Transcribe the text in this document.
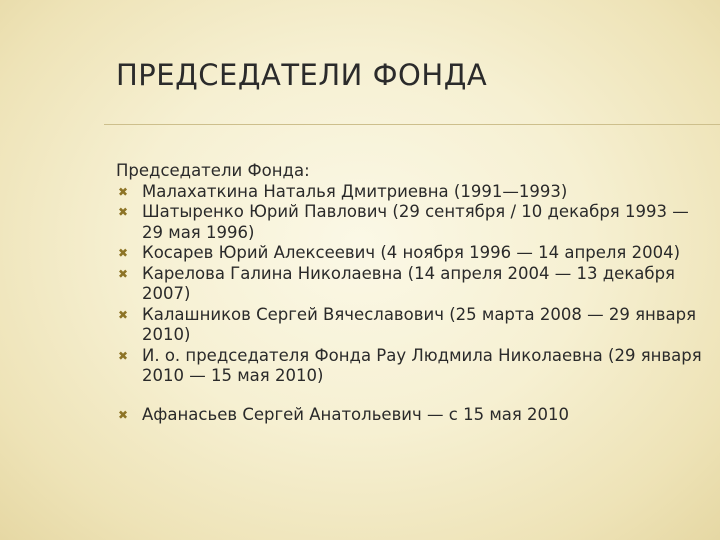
ПРЕДСЕДАТЕЛИ ФОНДА

Председатели Фонда:

✖ Малахаткина Наталья Дмитриевна (1991—1993)
✖ Шатыренко Юрий Павлович (29 сентября / 10 декабря 1993 — 29 мая 1996)
✖ Косарев Юрий Алексеевич (4 ноября 1996 — 14 апреля 2004)
✖ Карелова Галина Николаевна (14 апреля 2004 — 13 декабря 2007)
✖ Калашников Сергей Вячеславович (25 марта 2008 — 29 января 2010)
✖ И. о. председателя Фонда Рау Людмила Николаевна (29 января 2010 — 15 мая 2010)
✖ Афанасьев Сергей Анатольевич — с 15 мая 2010
